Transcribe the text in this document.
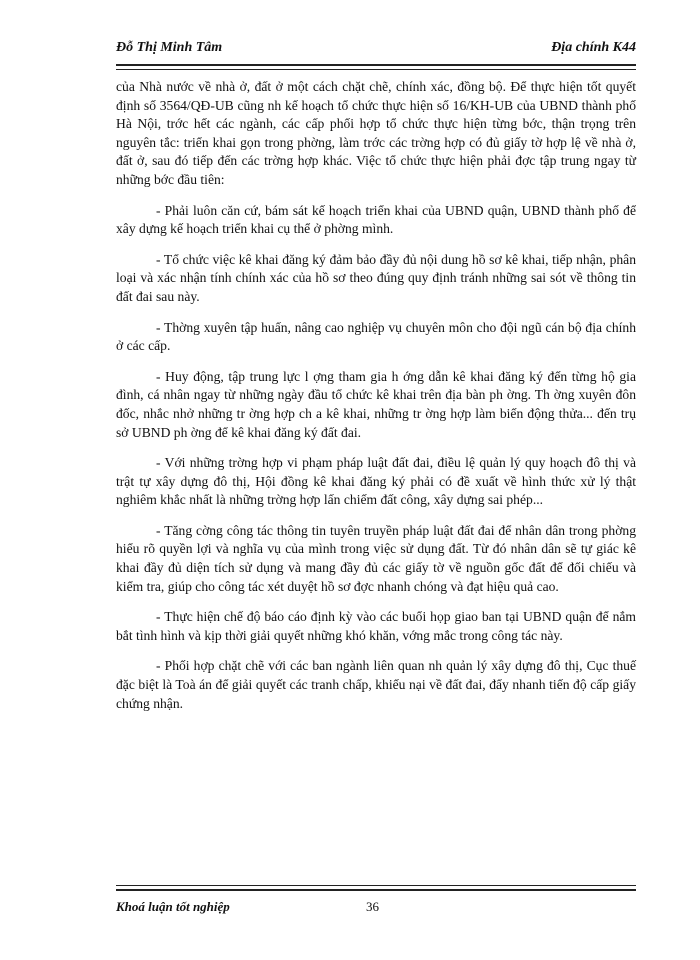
Đỗ Thị Minh Tâm	Địa chính K44

của Nhà nước về nhà ở, đất ở một cách chặt chẽ, chính xác, đồng bộ. Để thực hiện tốt quyết định số 3564/QĐ-UB cũng nh kế hoạch tổ chức thực hiện số 16/KH-UB của UBND thành phố Hà Nội, trớc hết các ngành, các cấp phối hợp tổ chức thực hiện từng bớc, thận trọng trên nguyên tắc: triển khai gọn trong phờng, làm trớc các trờng hợp có đủ giấy tờ hợp lệ về nhà ở, đất ở, sau đó tiếp đến các trờng hợp khác. Việc tổ chức thực hiện phải đợc tập trung ngay từ những bớc đầu tiên:

- Phải luôn căn cứ, bám sát kế hoạch triển khai của UBND quận, UBND thành phố để xây dựng kế hoạch triển khai cụ thể ở phờng mình.

- Tổ chức việc kê khai đăng ký đảm bảo đầy đủ nội dung hồ sơ kê khai, tiếp nhận, phân loại và xác nhận tính chính xác của hồ sơ theo đúng quy định tránh những sai sót về thông tin đất đai sau này.

- Thờng xuyên tập huấn, nâng cao nghiệp vụ chuyên môn cho đội ngũ cán bộ địa chính ở các cấp.

- Huy động, tập trung lực l ợng tham gia h ớng dẫn kê khai đăng ký đến từng hộ gia đình, cá nhân ngay từ những ngày đầu tổ chức kê khai trên địa bàn ph ờng. Th ờng xuyên đôn đốc, nhắc nhở những tr ờng hợp ch a kê khai, những tr ờng hợp làm biến động thửa... đến trụ sở UBND ph ờng để kê khai đăng ký đất đai.

- Với những trờng hợp vi phạm pháp luật đất đai, điều lệ quản lý quy hoạch đô thị và trật tự xây dựng đô thị, Hội đồng kê khai đăng ký phải có đề xuất về hình thức xử lý thật nghiêm khắc nhất là những trờng hợp lấn chiếm đất công, xây dựng sai phép...

- Tăng cờng công tác thông tin tuyên truyền pháp luật đất đai để nhân dân trong phờng hiểu rõ quyền lợi và nghĩa vụ của mình trong việc sử dụng đất. Từ đó nhân dân sẽ tự giác kê khai đầy đủ diện tích sử dụng và mang đầy đủ các giấy tờ về nguồn gốc đất để đối chiếu và kiểm tra, giúp cho công tác xét duyệt hồ sơ đợc nhanh chóng và đạt hiệu quả cao.

- Thực hiện chế độ báo cáo định kỳ vào các buổi họp giao ban tại UBND quận để nắm bắt tình hình và kịp thời giải quyết những khó khăn, vớng mắc trong công tác này.

- Phối hợp chặt chẽ với các ban ngành liên quan nh quản lý xây dựng đô thị, Cục thuế đặc biệt là Toà án để giải quyết các tranh chấp, khiếu nại về đất đai, đẩy nhanh tiến độ cấp giấy chứng nhận.

Khoá luận tốt nghiệp	36
